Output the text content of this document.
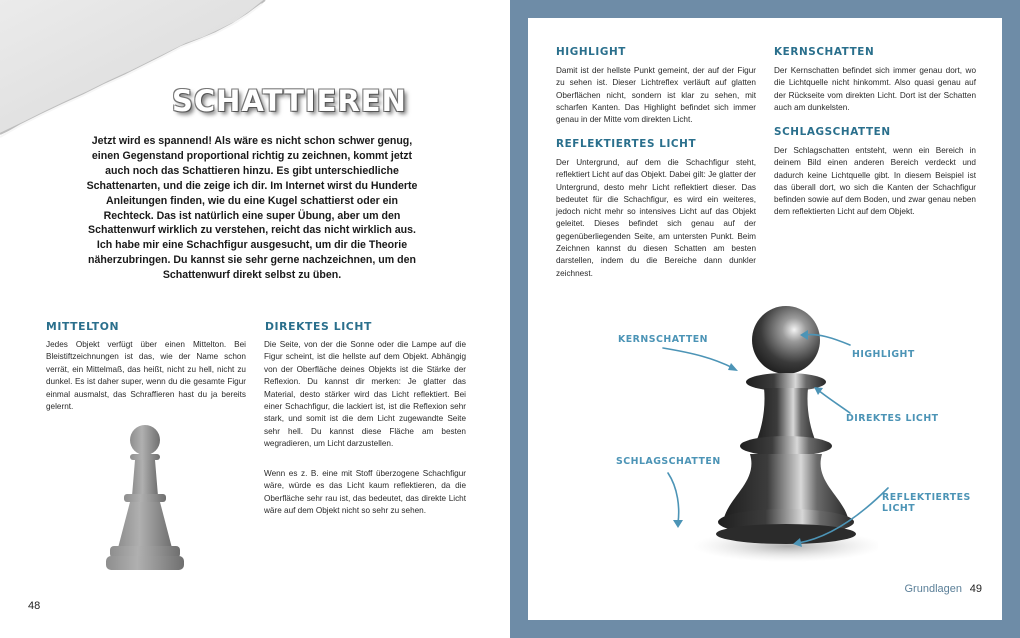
SCHATTIEREN
Jetzt wird es spannend! Als wäre es nicht schon schwer genug, einen Gegenstand proportional richtig zu zeichnen, kommt jetzt auch noch das Schattieren hinzu. Es gibt unterschiedliche Schattenarten, und die zeige ich dir. Im Internet wirst du Hunderte Anleitungen finden, wie du eine Kugel schattierst oder ein Rechteck. Das ist natürlich eine super Übung, aber um den Schattenwurf wirklich zu verstehen, reicht das nicht wirklich aus. Ich habe mir eine Schachfigur ausgesucht, um dir die Theorie näherzubringen. Du kannst sie sehr gerne nachzeichnen, um den Schattenwurf direkt selbst zu üben.
MITTELTON
Jedes Objekt verfügt über einen Mittelton. Bei Bleistiftzeichnungen ist das, wie der Name schon verrät, ein Mittelmaß, das heißt, nicht zu hell, nicht zu dunkel. Es ist daher super, wenn du die gesamte Figur einmal ausmalst, das Schraffieren hast du ja bereits gelernt.
DIREKTES LICHT
Die Seite, von der die Sonne oder die Lampe auf die Figur scheint, ist die hellste auf dem Objekt. Abhängig von der Oberfläche deines Objekts ist die Stärke der Reflexion. Du kannst dir merken: Je glatter das Material, desto stärker wird das Licht reflektiert. Bei einer Schachfigur, die lackiert ist, ist die Reflexion sehr stark, und somit ist die dem Licht zugewandte Seite sehr hell. Du kannst diese Fläche am besten wegradieren, um Licht darzustellen.
Wenn es z. B. eine mit Stoff überzogene Schachfigur wäre, würde es das Licht kaum reflektieren, da die Oberfläche sehr rau ist, das bedeutet, das direkte Licht wäre auf dem Objekt nicht so sehr zu sehen.
48
HIGHLIGHT
Damit ist der hellste Punkt gemeint, der auf der Figur zu sehen ist. Dieser Lichtreflex verläuft auf glatten Oberflächen nicht, sondern ist klar zu sehen, mit scharfen Kanten. Das Highlight befindet sich immer genau in der Mitte vom direkten Licht.
REFLEKTIERTES LICHT
Der Untergrund, auf dem die Schachfigur steht, reflektiert Licht auf das Objekt. Dabei gilt: Je glatter der Untergrund, desto mehr Licht reflektiert dieser. Das bedeutet für die Schachfigur, es wird ein weiteres, jedoch nicht mehr so intensives Licht auf das Objekt geleitet. Dieses befindet sich genau auf der gegenüberliegenden Seite, am untersten Punkt. Beim Zeichnen kannst du diesen Schatten am besten darstellen, indem du die Bereiche dann dunkler zeichnest.
KERNSCHATTEN
Der Kernschatten befindet sich immer genau dort, wo die Lichtquelle nicht hinkommt. Also quasi genau auf der Rückseite vom direkten Licht. Dort ist der Schatten auch am dunkelsten.
SCHLAGSCHATTEN
Der Schlagschatten entsteht, wenn ein Bereich in deinem Bild einen anderen Bereich verdeckt und dadurch keine Lichtquelle gibt. In diesem Beispiel ist das überall dort, wo sich die Kanten der Schachfigur befinden sowie auf dem Boden, und zwar genau neben dem reflektierten Licht auf dem Objekt.
KERNSCHATTEN
HIGHLIGHT
DIREKTES LICHT
SCHLAGSCHATTEN
REFLEKTIERTES LICHT
Grundlagen 49
